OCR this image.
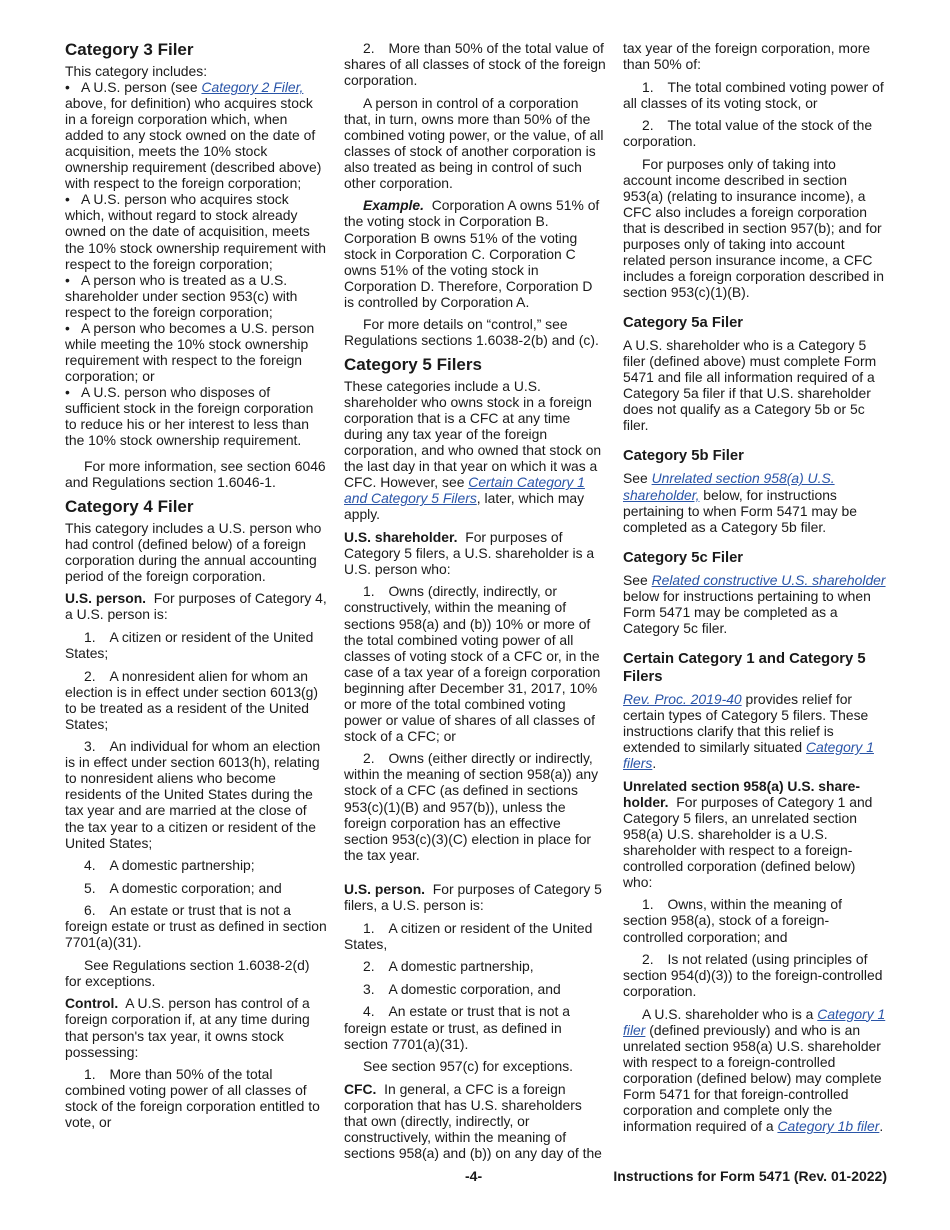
Category 3 Filer

This category includes:

• A U.S. person (see Category 2 Filer, above, for definition) who acquires stock in a foreign corporation which, when added to any stock owned on the date of acquisition, meets the 10% stock ownership requirement (described above) with respect to the foreign corporation;

• A U.S. person who acquires stock which, without regard to stock already owned on the date of acquisition, meets the 10% stock ownership requirement with respect to the foreign corporation;

• A person who is treated as a U.S. shareholder under section 953(c) with respect to the foreign corporation;

• A person who becomes a U.S. person while meeting the 10% stock ownership requirement with respect to the foreign corporation; or

• A U.S. person who disposes of sufficient stock in the foreign corporation to reduce his or her interest to less than the 10% stock ownership requirement.

For more information, see section 6046 and Regulations section 1.6046-1.

Category 4 Filer

This category includes a U.S. person who had control (defined below) of a foreign corporation during the annual accounting period of the foreign corporation.

U.S. person. For purposes of Category 4, a U.S. person is:

1. A citizen or resident of the United States;

2. A nonresident alien for whom an election is in effect under section 6013(g) to be treated as a resident of the United States;

3. An individual for whom an election is in effect under section 6013(h), relating to nonresident aliens who become residents of the United States during the tax year and are married at the close of the tax year to a citizen or resident of the United States;

4. A domestic partnership;

5. A domestic corporation; and

6. An estate or trust that is not a foreign estate or trust as defined in section 7701(a)(31).

See Regulations section 1.6038-2(d) for exceptions.

Control. A U.S. person has control of a foreign corporation if, at any time during that person's tax year, it owns stock possessing:

1. More than 50% of the total combined voting power of all classes of stock of the foreign corporation entitled to vote, or

2. More than 50% of the total value of shares of all classes of stock of the foreign corporation.

A person in control of a corporation that, in turn, owns more than 50% of the combined voting power, or the value, of all classes of stock of another corporation is also treated as being in control of such other corporation.

Example. Corporation A owns 51% of the voting stock in Corporation B. Corporation B owns 51% of the voting stock in Corporation C. Corporation C owns 51% of the voting stock in Corporation D. Therefore, Corporation D is controlled by Corporation A.

For more details on “control,” see Regulations sections 1.6038-2(b) and (c).

Category 5 Filers

These categories include a U.S. shareholder who owns stock in a foreign corporation that is a CFC at any time during any tax year of the foreign corporation, and who owned that stock on the last day in that year on which it was a CFC. However, see Certain Category 1 and Category 5 Filers, later, which may apply.

U.S. shareholder. For purposes of Category 5 filers, a U.S. shareholder is a U.S. person who:

1. Owns (directly, indirectly, or constructively, within the meaning of sections 958(a) and (b)) 10% or more of the total combined voting power of all classes of voting stock of a CFC or, in the case of a tax year of a foreign corporation beginning after December 31, 2017, 10% or more of the total combined voting power or value of shares of all classes of stock of a CFC; or

2. Owns (either directly or indirectly, within the meaning of section 958(a)) any stock of a CFC (as defined in sections 953(c)(1)(B) and 957(b)), unless the foreign corporation has an effective section 953(c)(3)(C) election in place for the tax year.

U.S. person. For purposes of Category 5 filers, a U.S. person is:

1. A citizen or resident of the United States,

2. A domestic partnership,

3. A domestic corporation, and

4. An estate or trust that is not a foreign estate or trust, as defined in section 7701(a)(31).

See section 957(c) for exceptions.

CFC. In general, a CFC is a foreign corporation that has U.S. shareholders that own (directly, indirectly, or constructively, within the meaning of sections 958(a) and (b)) on any day of the

tax year of the foreign corporation, more than 50% of:

1. The total combined voting power of all classes of its voting stock, or

2. The total value of the stock of the corporation.

For purposes only of taking into account income described in section 953(a) (relating to insurance income), a CFC also includes a foreign corporation that is described in section 957(b); and for purposes only of taking into account related person insurance income, a CFC includes a foreign corporation described in section 953(c)(1)(B).

Category 5a Filer

A U.S. shareholder who is a Category 5 filer (defined above) must complete Form 5471 and file all information required of a Category 5a filer if that U.S. shareholder does not qualify as a Category 5b or 5c filer.

Category 5b Filer

See Unrelated section 958(a) U.S. shareholder, below, for instructions pertaining to when Form 5471 may be completed as a Category 5b filer.

Category 5c Filer

See Related constructive U.S. shareholder below for instructions pertaining to when Form 5471 may be completed as a Category 5c filer.

Certain Category 1 and Category 5 Filers

Rev. Proc. 2019-40 provides relief for certain types of Category 5 filers. These instructions clarify that this relief is extended to similarly situated Category 1 filers.

Unrelated section 958(a) U.S. share-holder. For purposes of Category 1 and Category 5 filers, an unrelated section 958(a) U.S. shareholder is a U.S. shareholder with respect to a foreign-controlled corporation (defined below) who:

1. Owns, within the meaning of section 958(a), stock of a foreign-controlled corporation; and

2. Is not related (using principles of section 954(d)(3)) to the foreign-controlled corporation.

A U.S. shareholder who is a Category 1 filer (defined previously) and who is an unrelated section 958(a) U.S. shareholder with respect to a foreign-controlled corporation (defined below) may complete Form 5471 for that foreign-controlled corporation and complete only the information required of a Category 1b filer.

-4-	Instructions for Form 5471 (Rev. 01-2022)
